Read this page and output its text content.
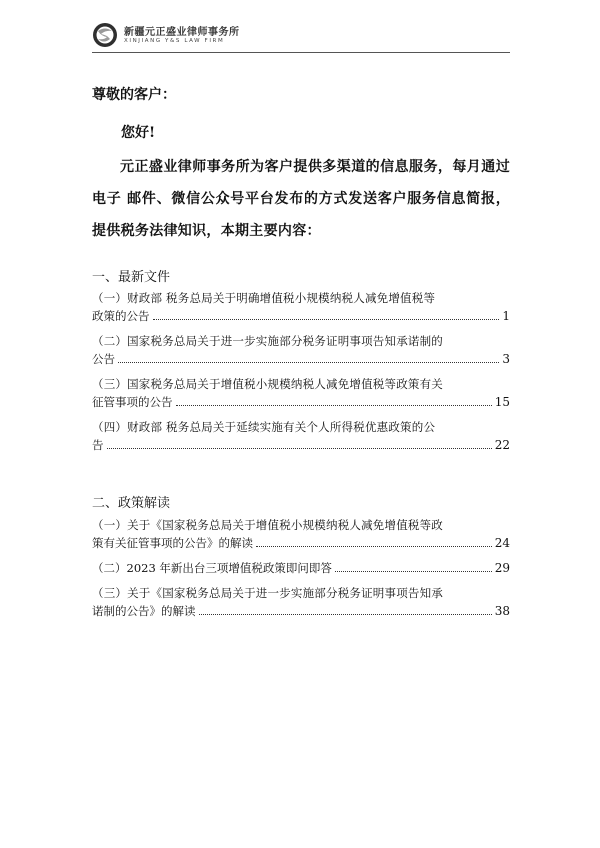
新疆元正盛业律师事务所
XINJIANG Y&S LAW FIRM
尊敬的客户：
您好!
元正盛业律师事务所为客户提供多渠道的信息服务，每月通过电子 邮件、微信公众号平台发布的方式发送客户服务信息简报，提供税务法律知识，本期主要内容：
一、最新文件
（一）财政部 税务总局关于明确增值税小规模纳税人减免增值税等
政策的公告	1
（二）国家税务总局关于进一步实施部分税务证明事项告知承诺制的
公告	3
（三）国家税务总局关于增值税小规模纳税人减免增值税等政策有关
征管事项的公告	15
（四）财政部 税务总局关于延续实施有关个人所得税优惠政策的公
告	22
二、政策解读
（一）关于《国家税务总局关于增值税小规模纳税人减免增值税等政
策有关征管事项的公告》的解读	24
（二）2023 年新出台三项增值税政策即问即答	29
（三）关于《国家税务总局关于进一步实施部分税务证明事项告知承
诺制的公告》的解读	38
